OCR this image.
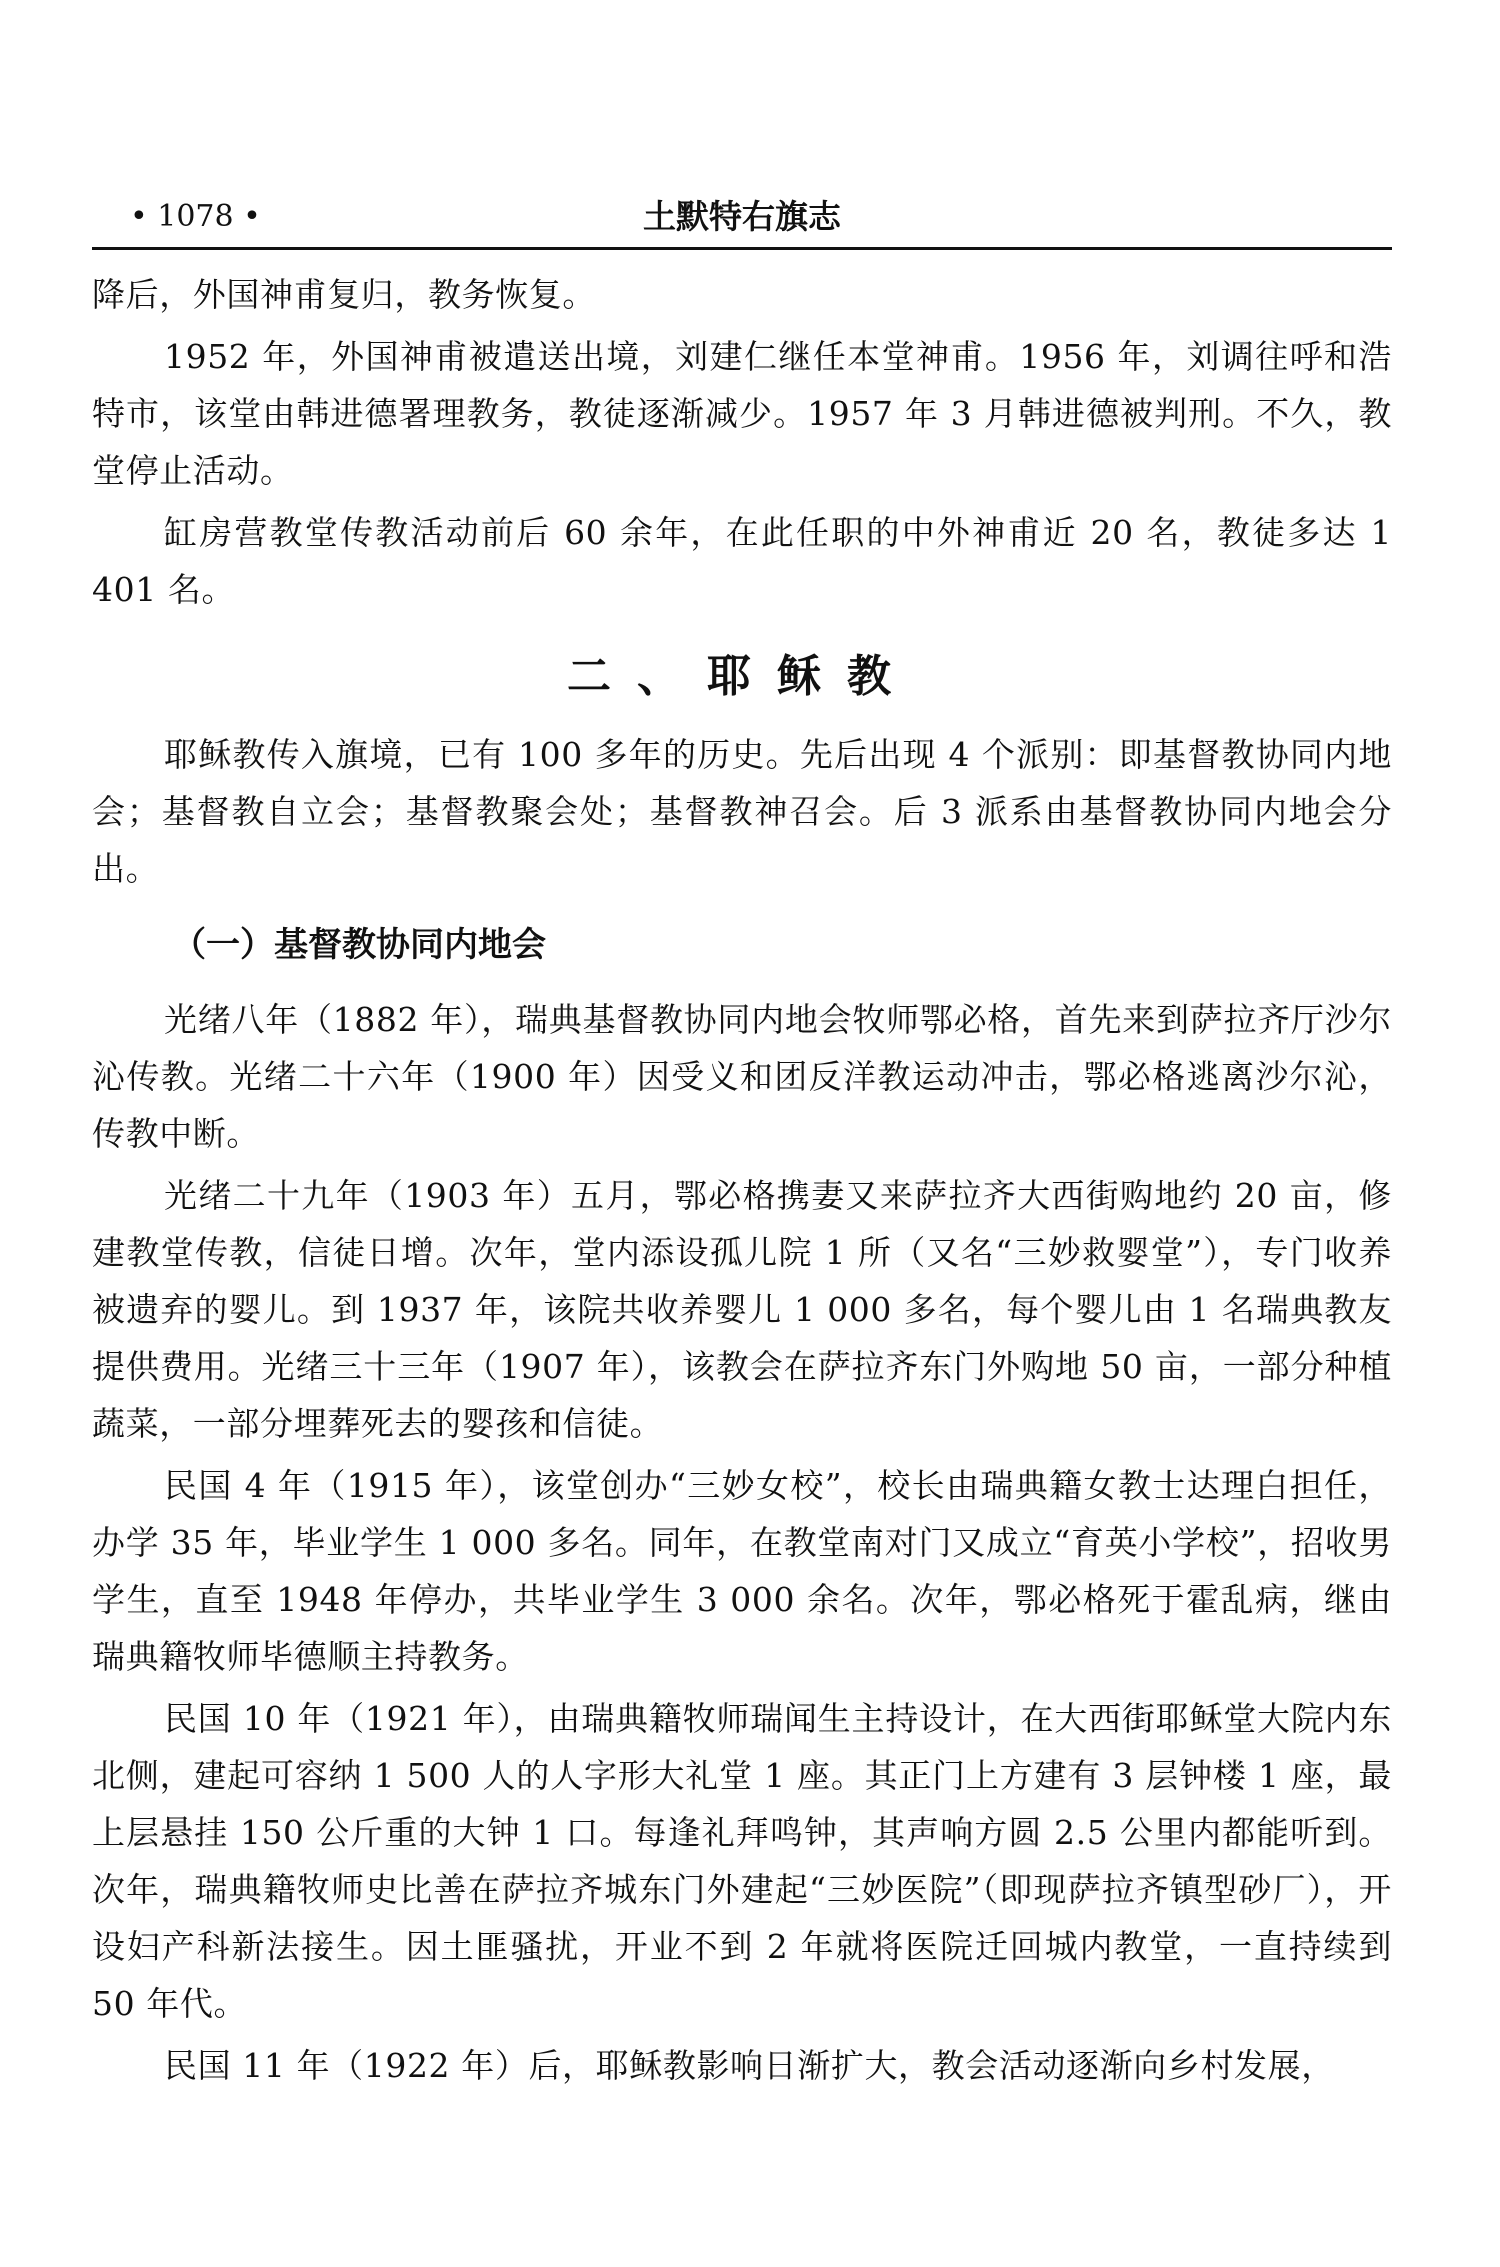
• 1078 •	土默特右旗志

降后，外国神甫复归，教务恢复。

1952 年，外国神甫被遣送出境，刘建仁继任本堂神甫。1956 年，刘调往呼和浩特市，该堂由韩进德署理教务，教徒逐渐减少。1957 年 3 月韩进德被判刑。不久，教堂停止活动。

缸房营教堂传教活动前后 60 余年，在此任职的中外神甫近 20 名，教徒多达 1 401 名。

二、耶稣教

耶稣教传入旗境，已有 100 多年的历史。先后出现 4 个派别：即基督教协同内地会；基督教自立会；基督教聚会处；基督教神召会。后 3 派系由基督教协同内地会分出。

（一）基督教协同内地会

光绪八年（1882 年），瑞典基督教协同内地会牧师鄂必格，首先来到萨拉齐厅沙尔沁传教。光绪二十六年（1900 年）因受义和团反洋教运动冲击，鄂必格逃离沙尔沁，传教中断。

光绪二十九年（1903 年）五月，鄂必格携妻又来萨拉齐大西街购地约 20 亩，修建教堂传教，信徒日增。次年，堂内添设孤儿院 1 所（又名“三妙救婴堂”），专门收养被遗弃的婴儿。到 1937 年，该院共收养婴儿 1 000 多名，每个婴儿由 1 名瑞典教友提供费用。光绪三十三年（1907 年），该教会在萨拉齐东门外购地 50 亩，一部分种植蔬菜，一部分埋葬死去的婴孩和信徒。

民国 4 年（1915 年），该堂创办“三妙女校”，校长由瑞典籍女教士达理白担任，办学 35 年，毕业学生 1 000 多名。同年，在教堂南对门又成立“育英小学校”，招收男学生，直至 1948 年停办，共毕业学生 3 000 余名。次年，鄂必格死于霍乱病，继由瑞典籍牧师毕德顺主持教务。

民国 10 年（1921 年），由瑞典籍牧师瑞闻生主持设计，在大西街耶稣堂大院内东北侧，建起可容纳 1 500 人的人字形大礼堂 1 座。其正门上方建有 3 层钟楼 1 座，最上层悬挂 150 公斤重的大钟 1 口。每逢礼拜鸣钟，其声响方圆 2.5 公里内都能听到。次年，瑞典籍牧师史比善在萨拉齐城东门外建起“三妙医院”（即现萨拉齐镇型砂厂），开设妇产科新法接生。因土匪骚扰，开业不到 2 年就将医院迁回城内教堂，一直持续到 50 年代。

民国 11 年（1922 年）后，耶稣教影响日渐扩大，教会活动逐渐向乡村发展，
